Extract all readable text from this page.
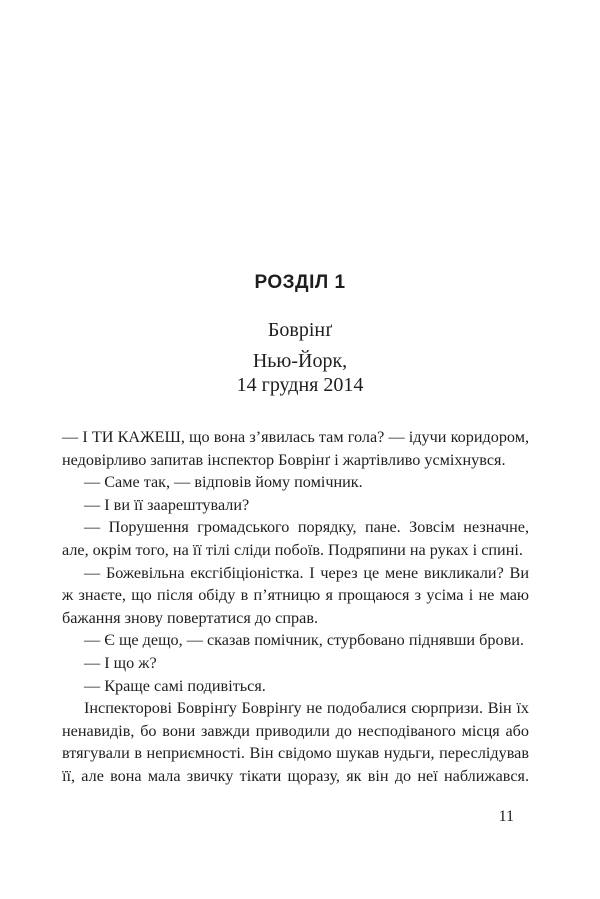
РОЗДІЛ 1
Боврінґ
Нью-Йорк,
14 грудня 2014

— І ТИ КАЖЕШ, що вона з’явилась там гола? — ідучи коридором, недовірливо запитав інспектор Боврінґ і жартівливо усміхнувся.

— Саме так, — відповів йому помічник.

— І ви її заарештували?

— Порушення громадського порядку, пане. Зовсім незначне, але, окрім того, на її тілі сліди побоїв. Подряпини на руках і спині.

— Божевільна ексгібіціоністка. І через це мене викликали? Ви ж знаєте, що після обіду в п’ятницю я прощаюся з усіма і не маю бажання знову повертатися до справ.

— Є ще дещо, — сказав помічник, стурбовано піднявши брови.

— І що ж?

— Краще самі подивіться.

Інспекторові Боврінґу Боврінґу не подобалися сюрпризи. Він їх ненавидів, бо вони завжди приводили до несподіваного місця або втягували в неприємності. Він свідомо шукав нудьги, переслідував її, але вона мала звичку тікати щоразу, як він до неї наближався.

11
